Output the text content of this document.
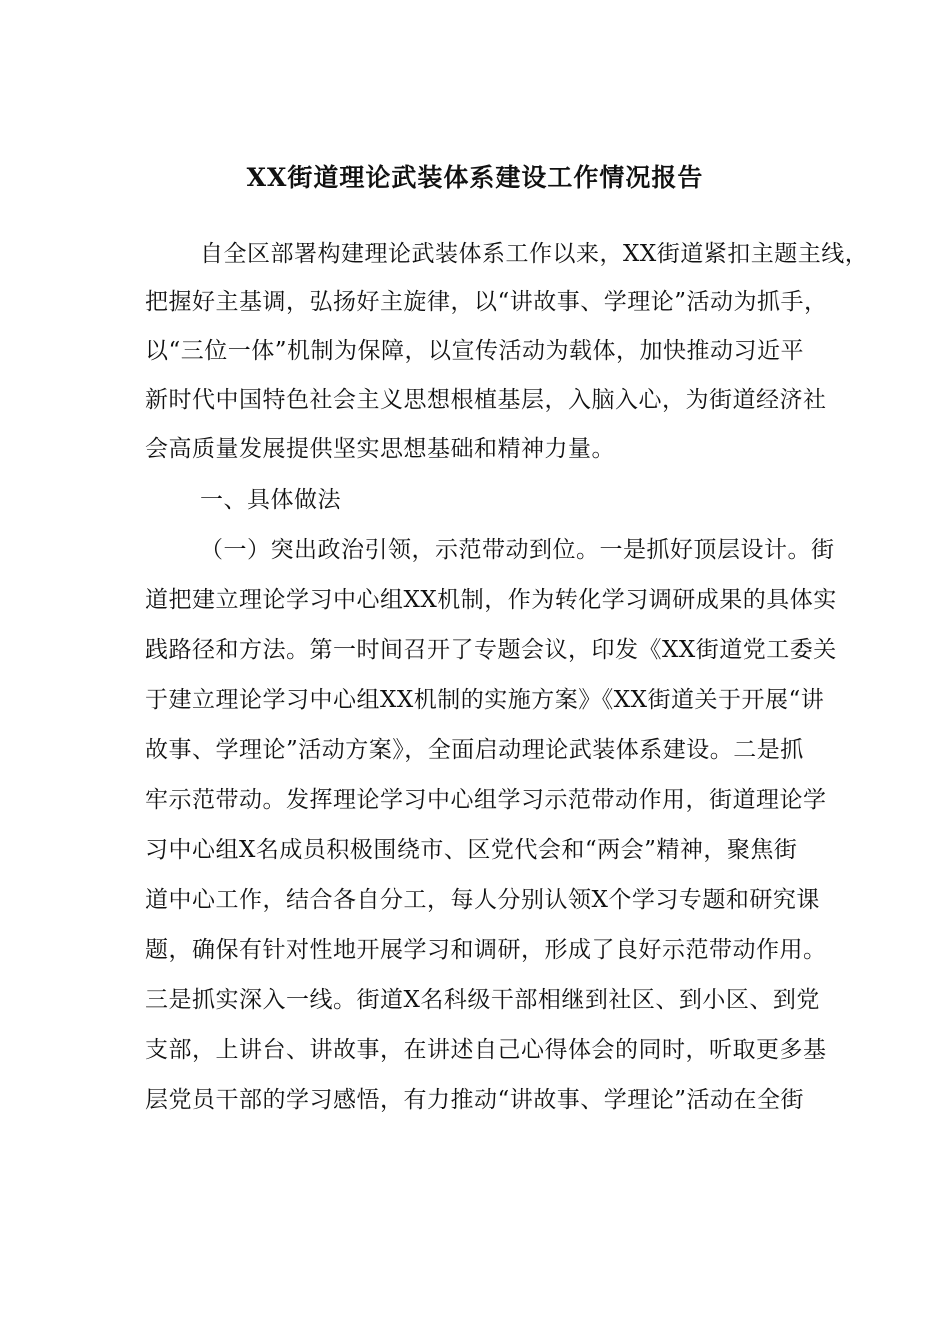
XX街道理论武装体系建设工作情况报告
自全区部署构建理论武装体系工作以来，XX街道紧扣主题主线，
把握好主基调，弘扬好主旋律，以“讲故事、学理论”活动为抓手，
以“三位一体”机制为保障，以宣传活动为载体，加快推动习近平
新时代中国特色社会主义思想根植基层，入脑入心，为街道经济社
会高质量发展提供坚实思想基础和精神力量。
一、具体做法
（一）突出政治引领，示范带动到位。一是抓好顶层设计。街
道把建立理论学习中心组XX机制，作为转化学习调研成果的具体实
践路径和方法。第一时间召开了专题会议，印发《XX街道党工委关
于建立理论学习中心组XX机制的实施方案》《XX街道关于开展“讲
故事、学理论”活动方案》，全面启动理论武装体系建设。二是抓
牢示范带动。发挥理论学习中心组学习示范带动作用，街道理论学
习中心组X名成员积极围绕市、区党代会和“两会”精神，聚焦街
道中心工作，结合各自分工，每人分别认领X个学习专题和研究课
题，确保有针对性地开展学习和调研，形成了良好示范带动作用。
三是抓实深入一线。街道X名科级干部相继到社区、到小区、到党
支部，上讲台、讲故事，在讲述自己心得体会的同时，听取更多基
层党员干部的学习感悟，有力推动“讲故事、学理论”活动在全街
